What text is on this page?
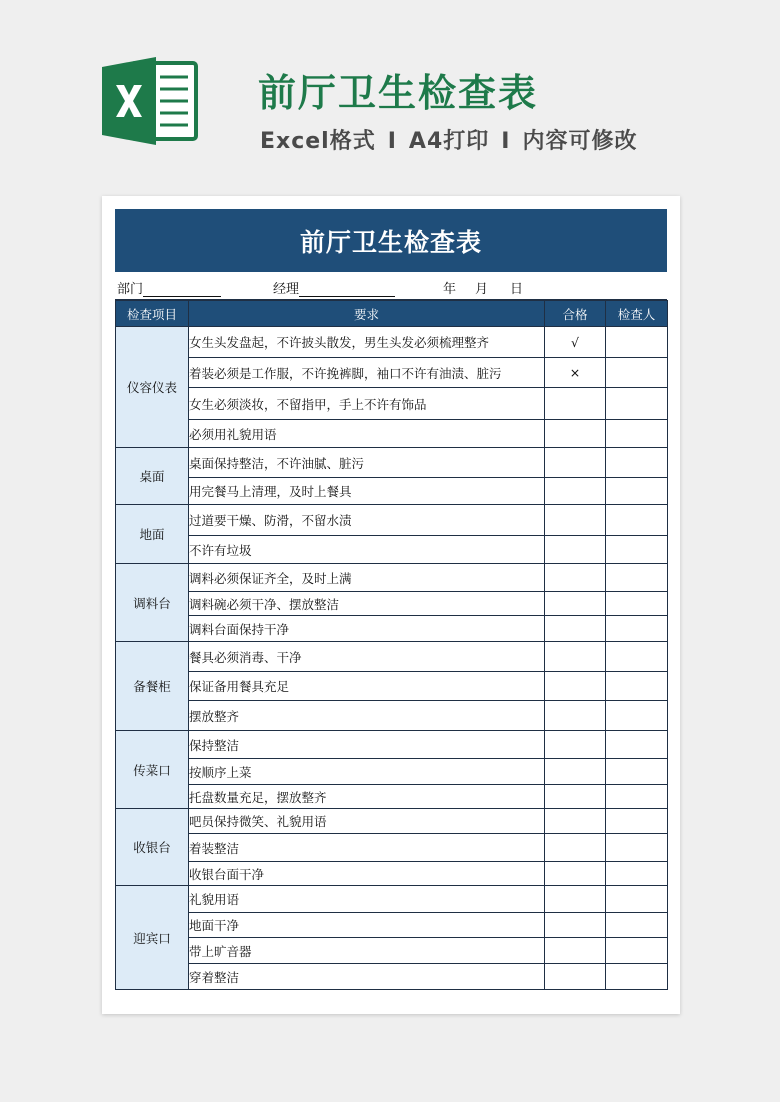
前厅卫生检查表
Excel格式 I A4打印 I 内容可修改
前厅卫生检查表
部门	经理	年 月 日
检查项目	要求	合格	检查人
仪容仪表	女生头发盘起，不许披头散发，男生头发必须梳理整齐	√	
	着装必须是工作服，不许挽裤脚，袖口不许有油渍、脏污	×	
	女生必须淡妆，不留指甲，手上不许有饰品		
	必须用礼貌用语		
桌面	桌面保持整洁，不许油腻、脏污		
	用完餐马上清理，及时上餐具		
地面	过道要干燥、防滑，不留水渍		
	不许有垃圾		
调料台	调料必须保证齐全，及时上满		
	调料碗必须干净、摆放整洁		
	调料台面保持干净		
备餐柜	餐具必须消毒、干净		
	保证备用餐具充足		
	摆放整齐		
传菜口	保持整洁		
	按顺序上菜		
	托盘数量充足，摆放整齐		
收银台	吧员保持微笑、礼貌用语		
	着装整洁		
	收银台面干净		
迎宾口	礼貌用语		
	地面干净		
	带上旷音器		
	穿着整洁		
